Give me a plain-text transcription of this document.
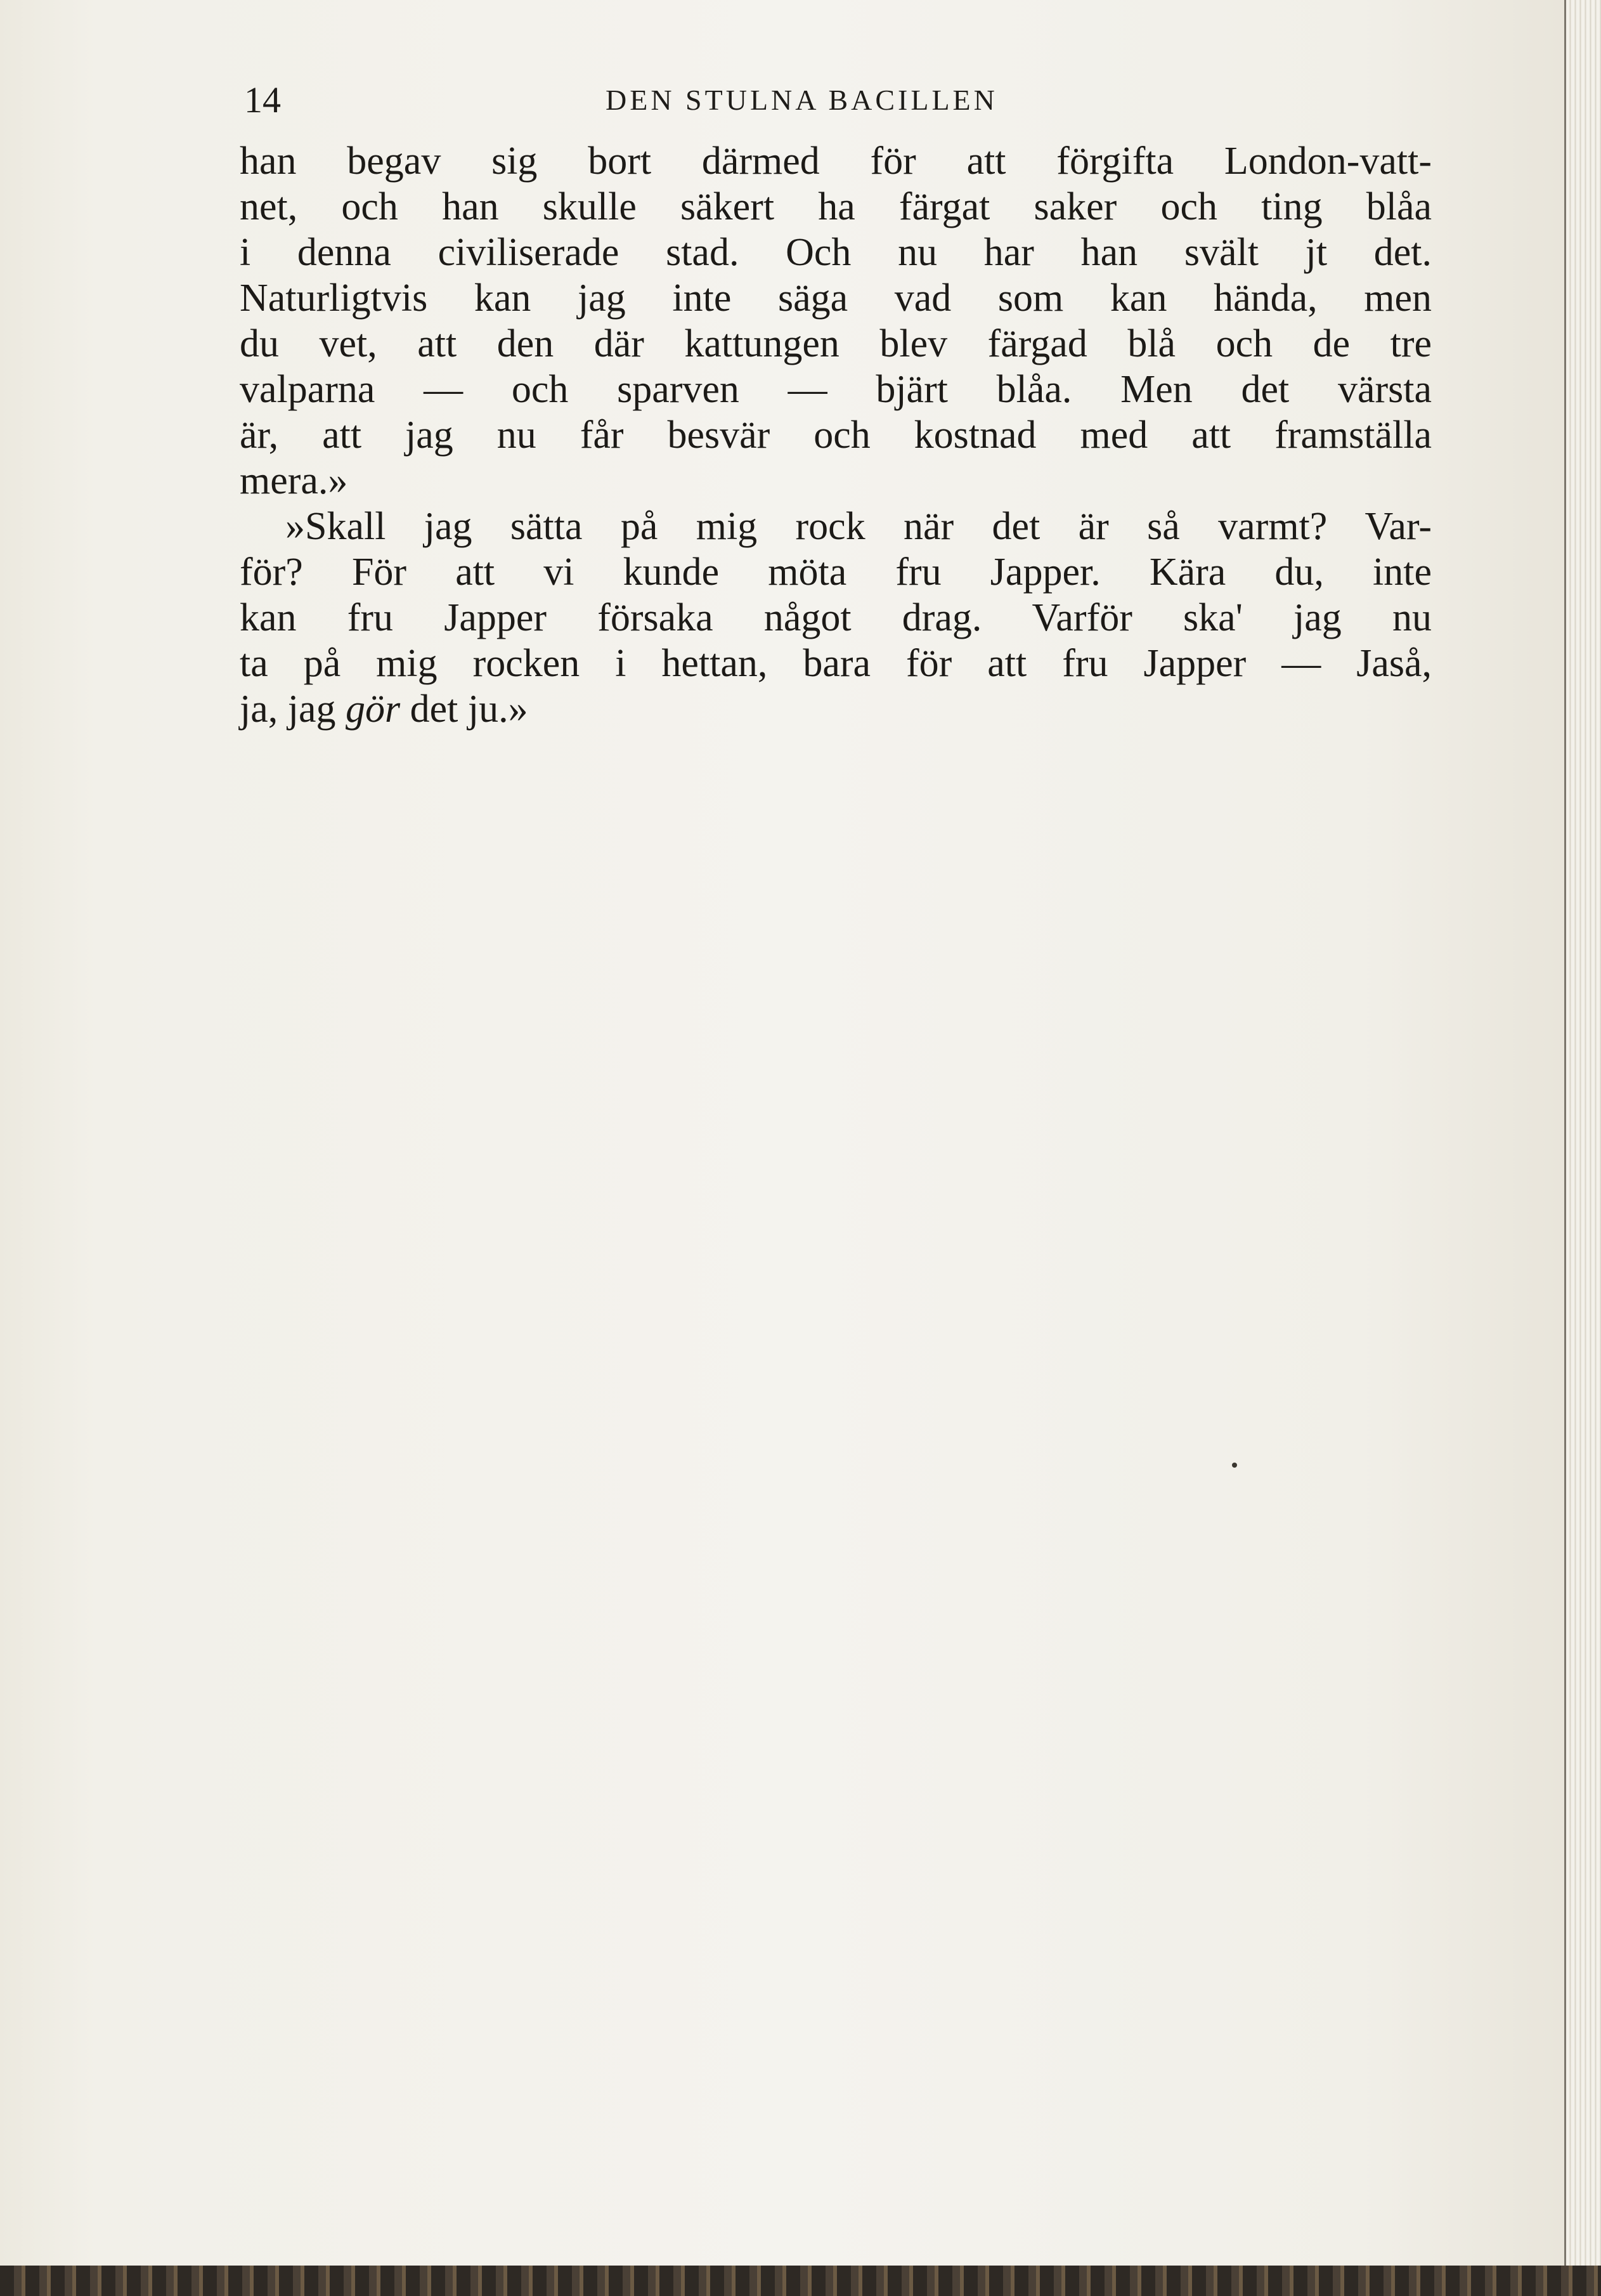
14	DEN STULNA BACILLEN
han begav sig bort därmed för att förgifta London-vatt-
net, och han skulle säkert ha färgat saker och ting blåa
i denna civiliserade stad. Och nu har han svält jt det.
Naturligtvis kan jag inte säga vad som kan hända, men
du vet, att den där kattungen blev färgad blå och de tre
valparna — och sparven — bjärt blåa. Men det värsta
är, att jag nu får besvär och kostnad med att framställa
mera.»
»Skall jag sätta på mig rock när det är så varmt? Var-
för? För att vi kunde möta fru Japper. Kära du, inte
kan fru Japper försaka något drag. Varför ska' jag nu
ta på mig rocken i hettan, bara för att fru Japper — Jaså,
ja, jag gör det ju.»
